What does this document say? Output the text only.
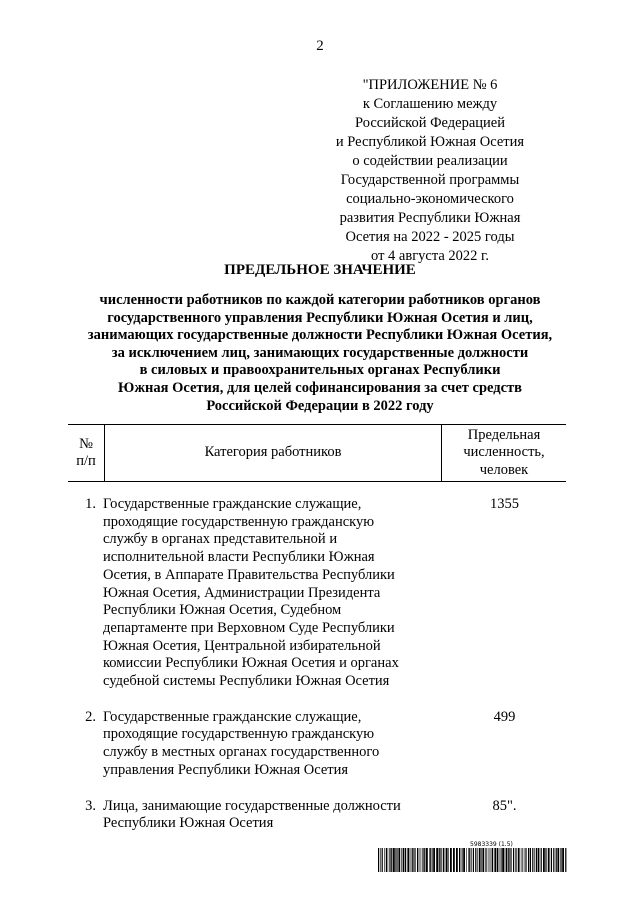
2
"ПРИЛОЖЕНИЕ № 6
к Соглашению между
Российской Федерацией
и Республикой Южная Осетия
о содействии реализации
Государственной программы
социально-экономического
развития Республики Южная
Осетия на 2022 - 2025 годы
от 4 августа 2022 г.
ПРЕДЕЛЬНОЕ ЗНАЧЕНИЕ
численности работников по каждой категории работников органов
государственного управления Республики Южная Осетия и лиц,
занимающих государственные должности Республики Южная Осетия,
за исключением лиц, занимающих государственные должности
в силовых и правоохранительных органах Республики
Южная Осетия, для целей софинансирования за счет средств
Российской Федерации в 2022 году
№
п/п
Категория работников
Предельная
численность,
человек
1. Государственные гражданские служащие,
проходящие государственную гражданскую
службу в органах представительной и
исполнительной власти Республики Южная
Осетия, в Аппарате Правительства Республики
Южная Осетия, Администрации Президента
Республики Южная Осетия, Судебном
департаменте при Верховном Суде Республики
Южная Осетия, Центральной избирательной
комиссии Республики Южная Осетия и органах
судебной системы Республики Южная Осетия
1355
2. Государственные гражданские служащие,
проходящие государственную гражданскую
службу в местных органах государственного
управления Республики Южная Осетия
499
3. Лица, занимающие государственные должности
Республики Южная Осетия
85".
5983339 (1.5)
